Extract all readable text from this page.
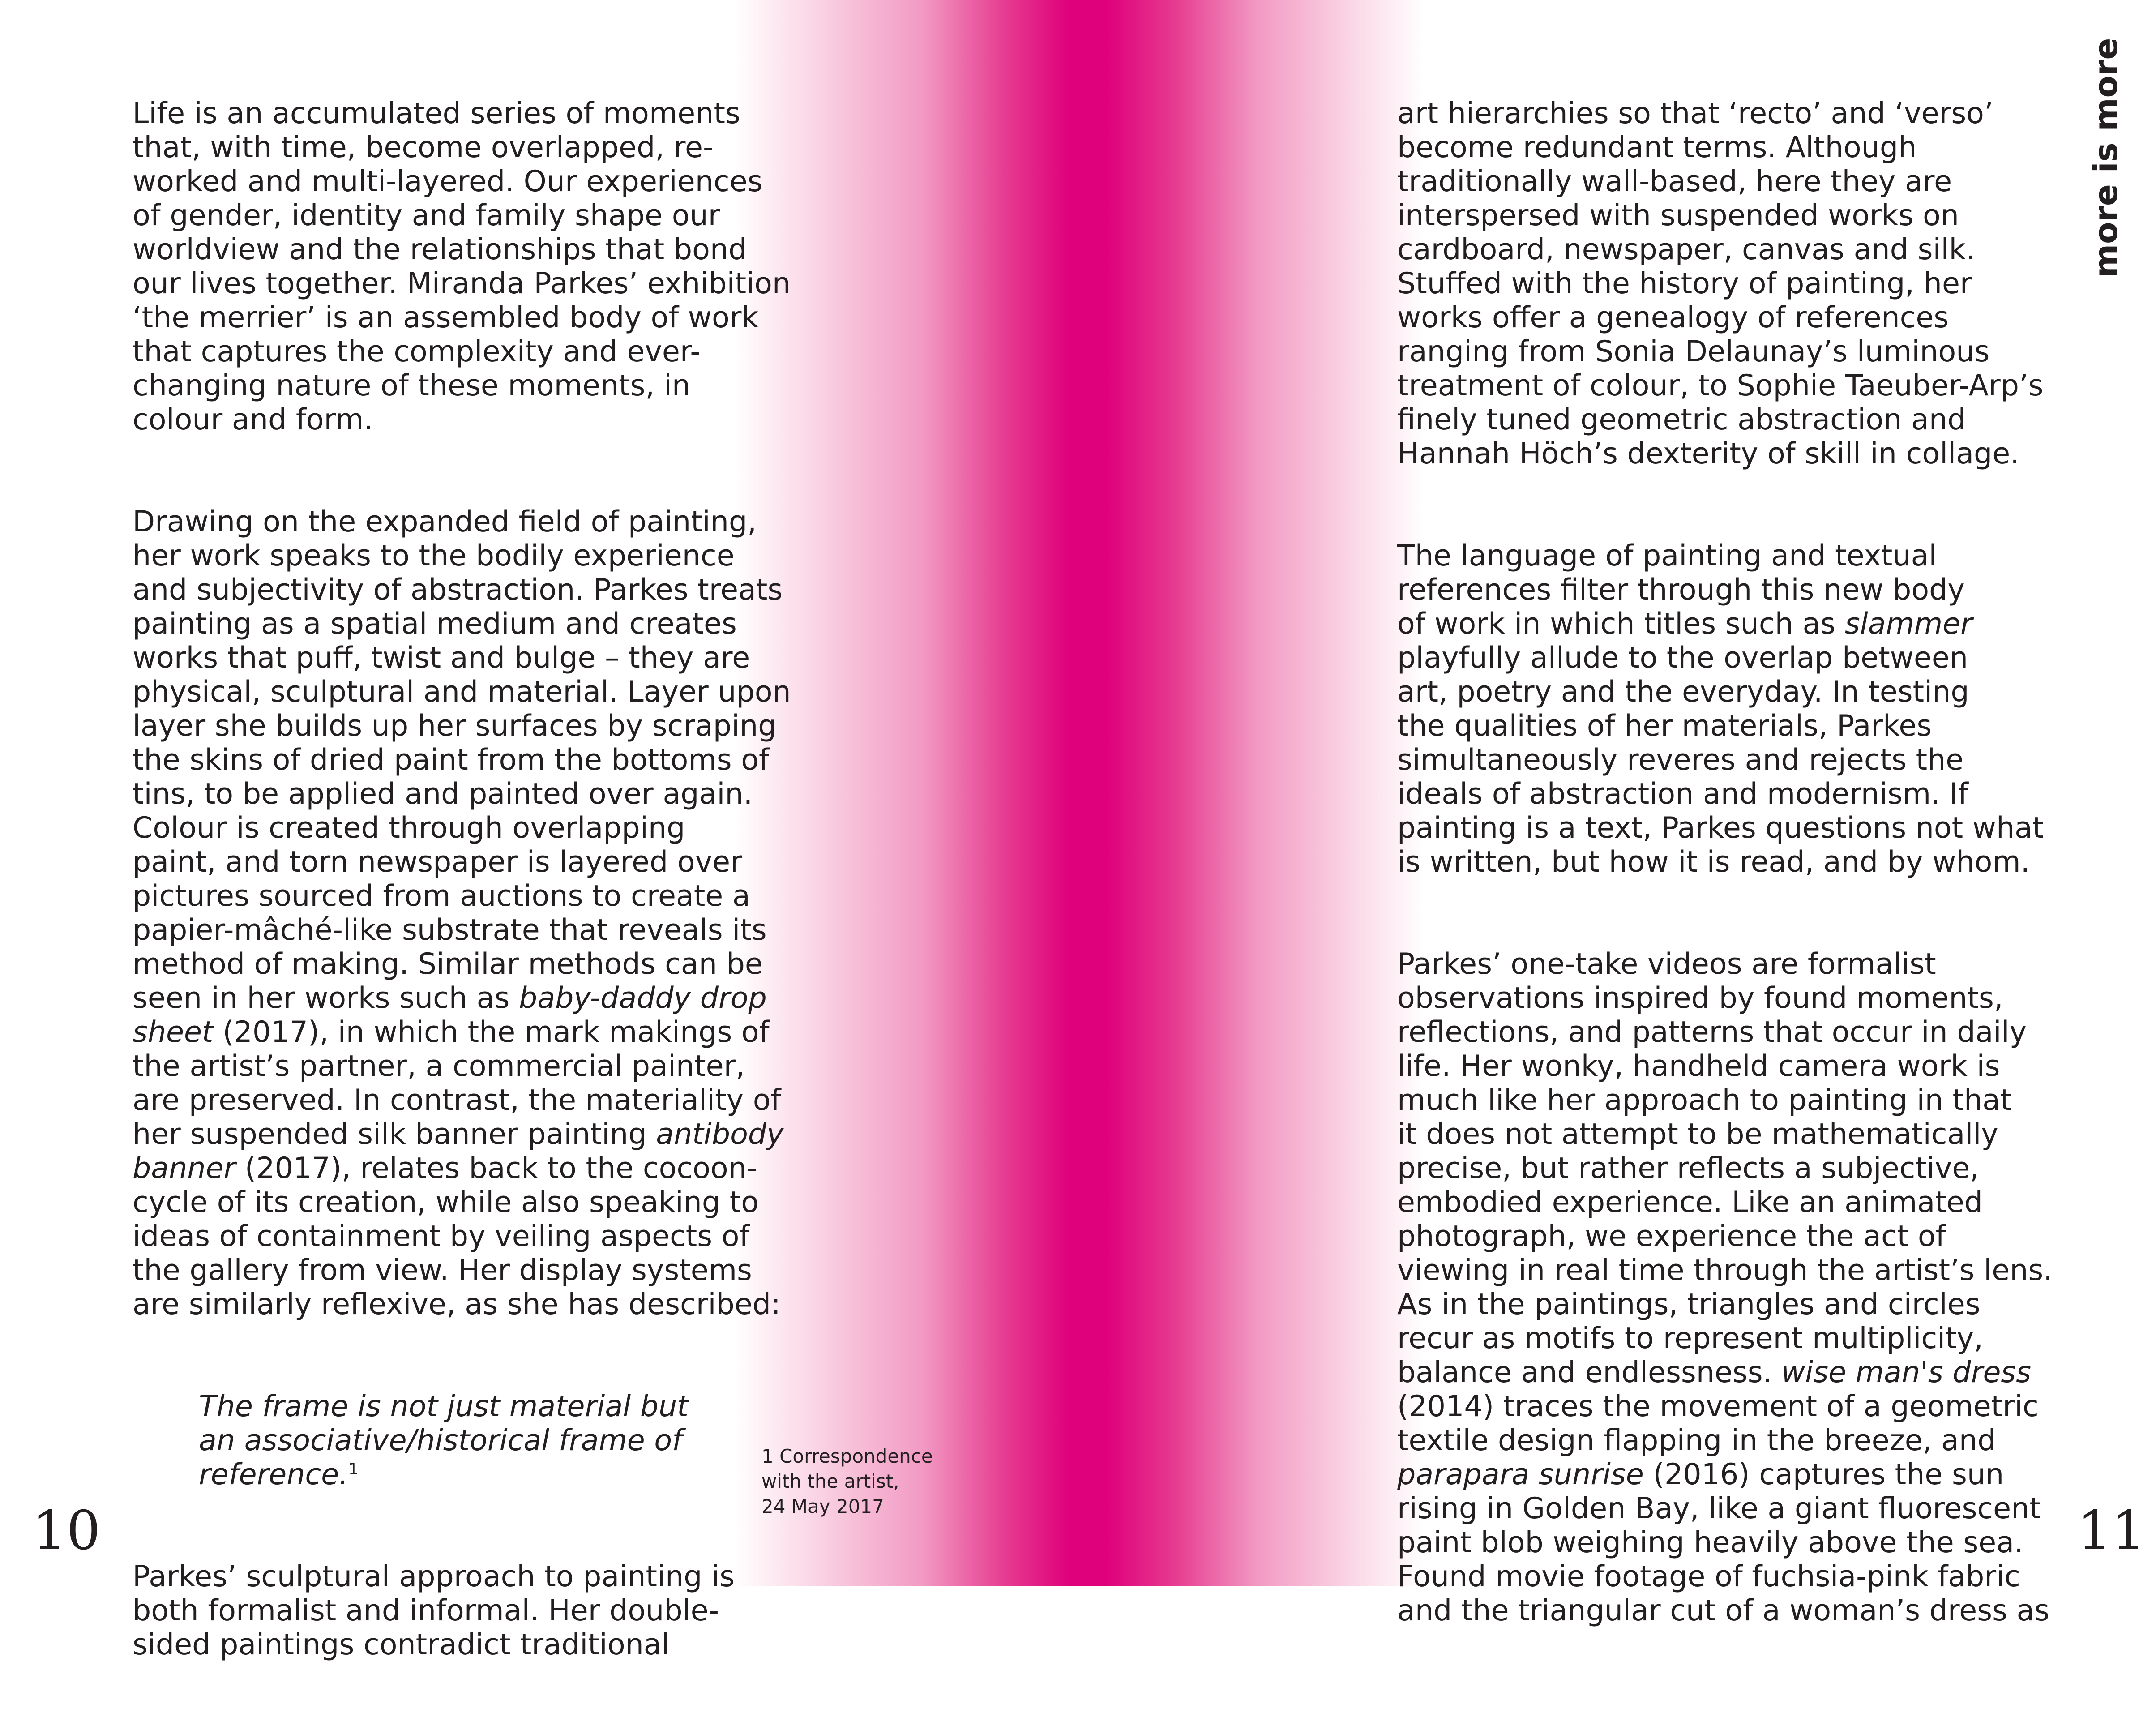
Life is an accumulated series of moments
that, with time, become overlapped, re-
worked and multi-layered. Our experiences
of gender, identity and family shape our
worldview and the relationships that bond
our lives together. Miranda Parkes’ exhibition
‘the merrier’ is an assembled body of work
that captures the complexity and ever-
changing nature of these moments, in
colour and form.

Drawing on the expanded field of painting,
her work speaks to the bodily experience
and subjectivity of abstraction. Parkes treats
painting as a spatial medium and creates
works that puff, twist and bulge – they are
physical, sculptural and material. Layer upon
layer she builds up her surfaces by scraping
the skins of dried paint from the bottoms of
tins, to be applied and painted over again.
Colour is created through overlapping
paint, and torn newspaper is layered over
pictures sourced from auctions to create a
papier-mâché-like substrate that reveals its
method of making. Similar methods can be
seen in her works such as baby-daddy drop
sheet (2017), in which the mark makings of
the artist’s partner, a commercial painter,
are preserved. In contrast, the materiality of
her suspended silk banner painting antibody
banner (2017), relates back to the cocoon-
cycle of its creation, while also speaking to
ideas of containment by veiling aspects of
the gallery from view. Her display systems
are similarly reflexive, as she has described:

The frame is not just material but
an associative/historical frame of
reference.$^1$

Parkes’ sculptural approach to painting is
both formalist and informal. Her double-
sided paintings contradict traditional

1 Correspondence
with the artist,
24 May 2017
10

art hierarchies so that ‘recto’ and ‘verso’
become redundant terms. Although
traditionally wall-based, here they are
interspersed with suspended works on
cardboard, newspaper, canvas and silk.
Stuffed with the history of painting, her
works offer a genealogy of references
ranging from Sonia Delaunay’s luminous
treatment of colour, to Sophie Taeuber-Arp’s
finely tuned geometric abstraction and
Hannah Höch’s dexterity of skill in collage.

The language of painting and textual
references filter through this new body
of work in which titles such as slammer
playfully allude to the overlap between
art, poetry and the everyday. In testing
the qualities of her materials, Parkes
simultaneously reveres and rejects the
ideals of abstraction and modernism. If
painting is a text, Parkes questions not what
is written, but how it is read, and by whom.

Parkes’ one-take videos are formalist
observations inspired by found moments,
reflections, and patterns that occur in daily
life. Her wonky, handheld camera work is
much like her approach to painting in that
it does not attempt to be mathematically
precise, but rather reflects a subjective,
embodied experience. Like an animated
photograph, we experience the act of
viewing in real time through the artist’s lens.
As in the paintings, triangles and circles
recur as motifs to represent multiplicity,
balance and endlessness. wise man's dress
(2014) traces the movement of a geometric
textile design flapping in the breeze, and
parapara sunrise (2016) captures the sun
rising in Golden Bay, like a giant fluorescent
paint blob weighing heavily above the sea.
Found movie footage of fuchsia-pink fabric
and the triangular cut of a woman’s dress as

more is more
11
